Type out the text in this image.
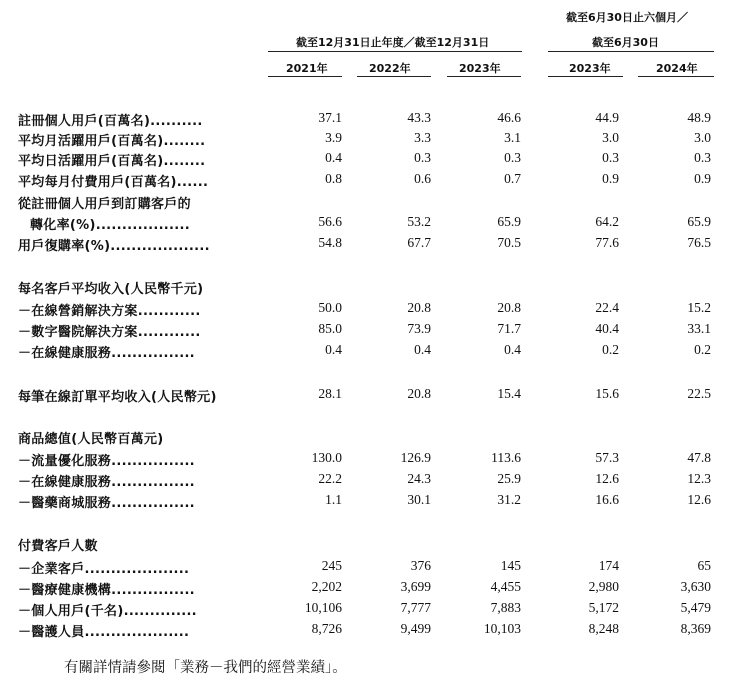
截至6月30日止六個月／
截至6月30日
截至12月31日止年度／截至12月31日
2021年	2022年	2023年	2023年	2024年
註冊個人用戶(百萬名)..........	37.1	43.3	46.6	44.9	48.9
平均月活躍用戶(百萬名)........	3.9	3.3	3.1	3.0	3.0
平均日活躍用戶(百萬名)........	0.4	0.3	0.3	0.3	0.3
平均每月付費用戶(百萬名)......	0.8	0.6	0.7	0.9	0.9
從註冊個人用戶到訂購客戶的
轉化率(%)..................	56.6	53.2	65.9	64.2	65.9
用戶復購率(%)...................	54.8	67.7	70.5	77.6	76.5
每名客戶平均收入(人民幣千元)
－在線營銷解決方案............	50.0	20.8	20.8	22.4	15.2
－數字醫院解決方案............	85.0	73.9	71.7	40.4	33.1
－在線健康服務................	0.4	0.4	0.4	0.2	0.2
每筆在線訂單平均收入(人民幣元)	28.1	20.8	15.4	15.6	22.5
商品總值(人民幣百萬元)
－流量優化服務................	130.0	126.9	113.6	57.3	47.8
－在線健康服務................	22.2	24.3	25.9	12.6	12.3
－醫藥商城服務................	1.1	30.1	31.2	16.6	12.6
付費客戶人數
－企業客戶....................	245	376	145	174	65
－醫療健康機構................	2,202	3,699	4,455	2,980	3,630
－個人用戶(千名)..............	10,106	7,777	7,883	5,172	5,479
－醫護人員....................	8,726	9,499	10,103	8,248	8,369
有關詳情請參閱「業務－我們的經營業績」。
